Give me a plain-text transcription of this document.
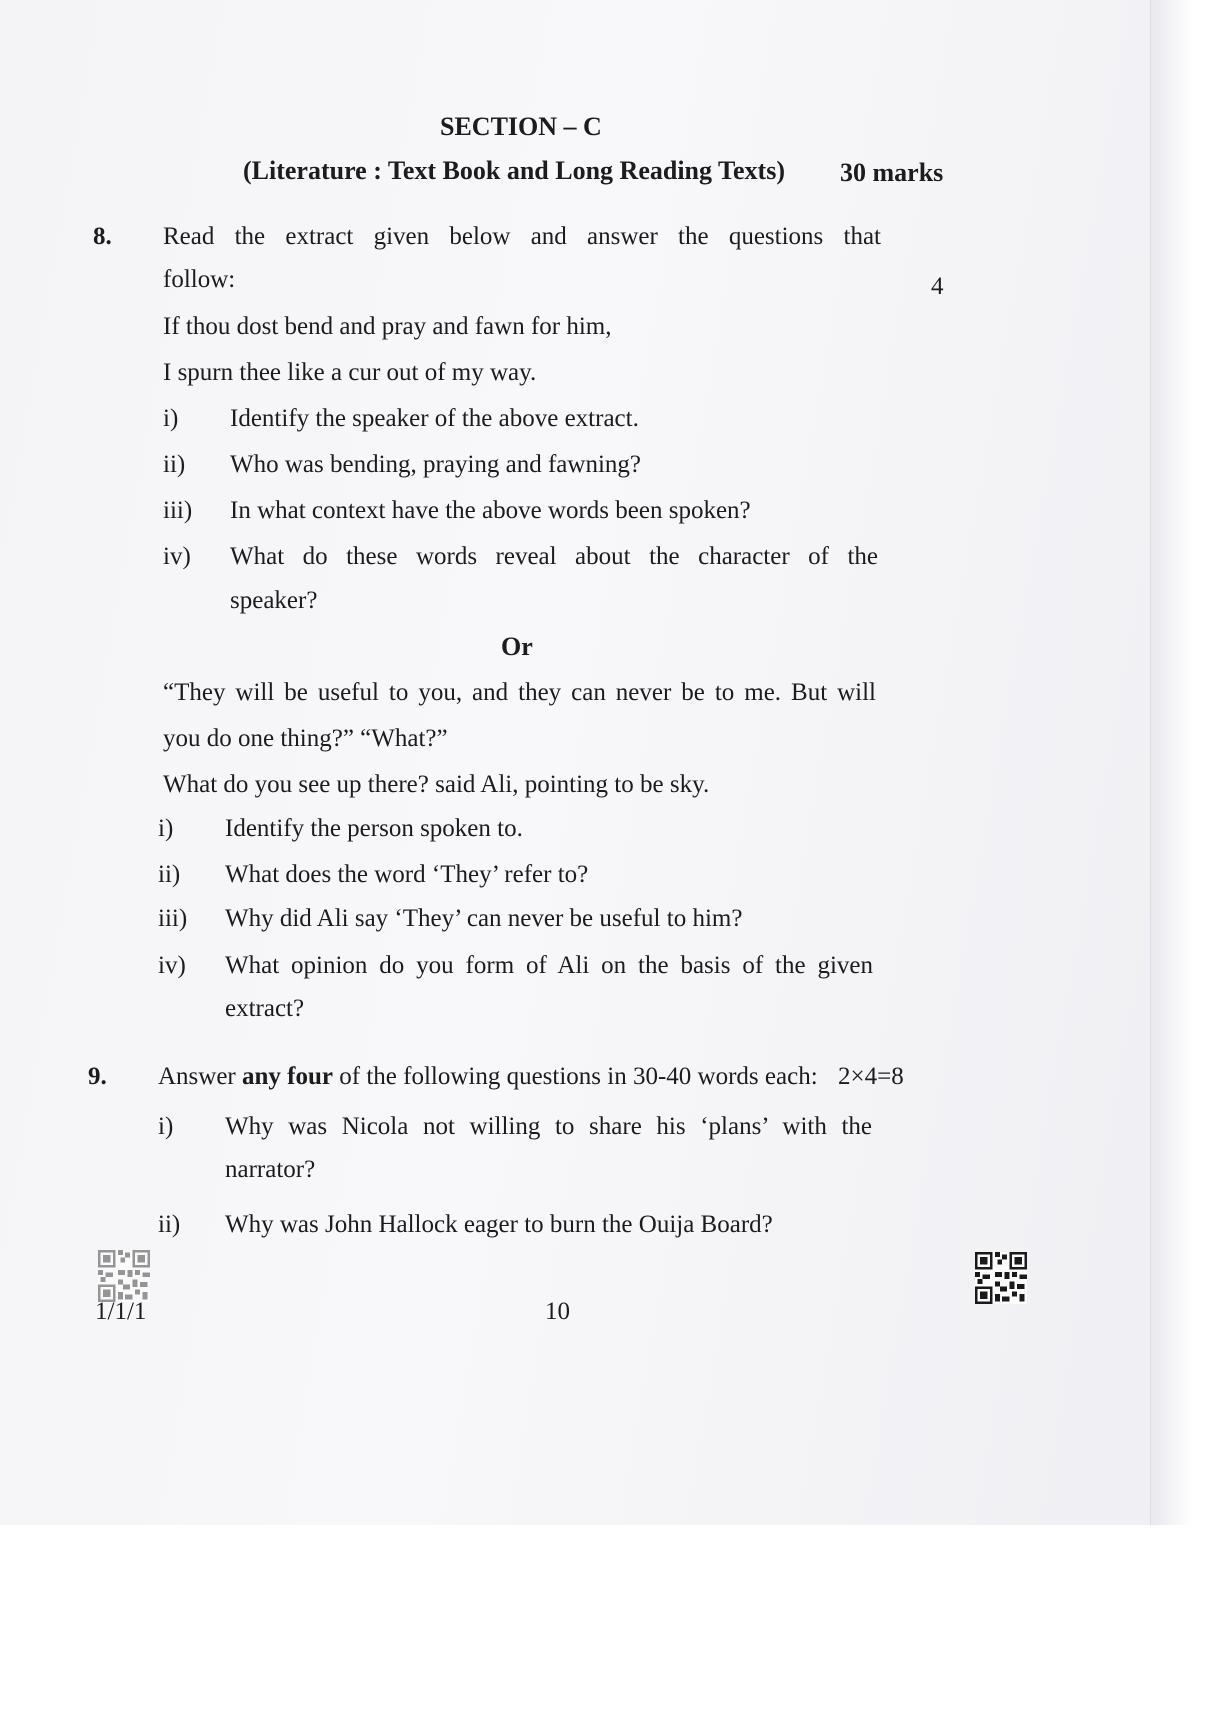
SECTION – C
(Literature : Text Book and Long Reading Texts) 30 marks
8. Read the extract given below and answer the questions that
follow:	4
If thou dost bend and pray and fawn for him,
I spurn thee like a cur out of my way.
i) Identify the speaker of the above extract.
ii) Who was bending, praying and fawning?
iii) In what context have the above words been spoken?
iv) What do these words reveal about the character of the
speaker?
Or
“They will be useful to you, and they can never be to me. But will
you do one thing?” “What?”
What do you see up there? said Ali, pointing to be sky.
i) Identify the person spoken to.
ii) What does the word ‘They’ refer to?
iii) Why did Ali say ‘They’ can never be useful to him?
iv) What opinion do you form of Ali on the basis of the given
extract?
9. Answer any four of the following questions in 30-40 words each: 2×4=8
i) Why was Nicola not willing to share his ‘plans’ with the
narrator?
ii) Why was John Hallock eager to burn the Ouija Board?
1/1/1	10
